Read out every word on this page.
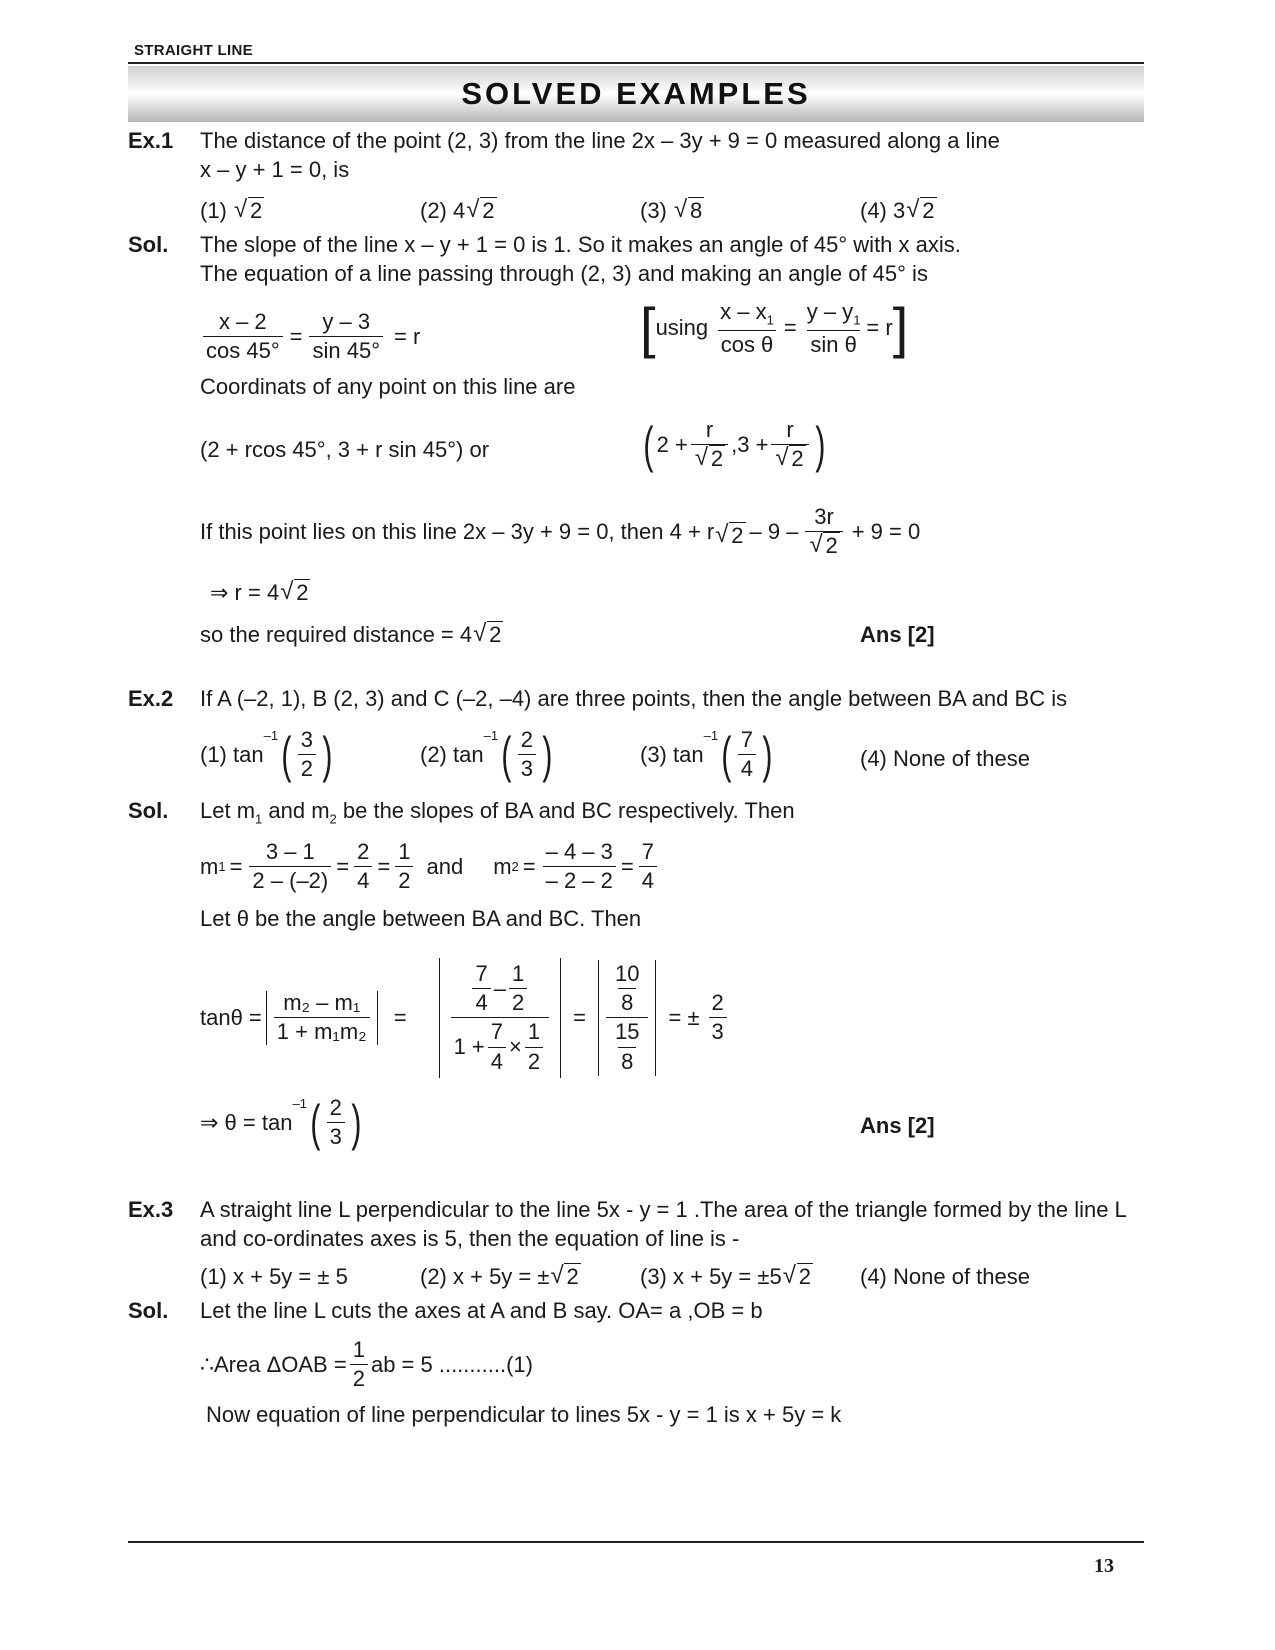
STRAIGHT LINE
SOLVED EXAMPLES
Ex.1 The distance of the point (2, 3) from the line 2x – 3y + 9 = 0 measured along a line
x – y + 1 = 0, is
(1) √ 2	(2) 4 √ 2	(3) √ 8	(4) 3 √ 2
Sol. The slope of the line x – y + 1 = 0 is 1. So it makes an angle of 45° with x axis.
The equation of a line passing through (2, 3) and making an angle of 45° is
$\frac{x - 2}{\cos 45^\circ} = \frac{y - 3}{\sin 45^\circ} = r$	[ using $\frac{x - x_1}{\text{cos θ}} = \frac{y - y_1}{\text{sin θ}} = r$ ]
Coordinats of any point on this line are
(2 + rcos 45°, 3 + r sin 45°) or	( 2 + r
√ 2 ,3 + r
√ 2 )
If this point lies on this line 2x – 3y + 9 = 0, then 4 + r √ 2 – 9 – 3r
√ 2 + 9 = 0
⇒ r = 4 √ 2
so the required distance = 4 √ 2	Ans [2]
Ex.2 If A (–2, 1), B (2, 3) and C (–2, –4) are three points, then the angle between BA and BC is
(1)
tan
–1 ( $\frac{3}{2}$ )	(2)
tan
–1 ( $\frac{2}{3}$ )	(3)
tan
–1 ( $\frac{7}{4}$ )	(4) None of these
Sol. Let $m_1$ and $m_2$ be the slopes of BA and BC respectively. Then
m $1 = \frac{3 - 1}{2 - (-2)} = \frac{2}{4} = \frac{1}{2}$ and m $2 = \frac{- 4 - 3}{- 2 - 2} = \frac{7}{4}$
Let θ be the angle between BA and BC. Then
$\tan\theta = \frac{\text{m₂ – m₁}}{\text{1 + m₁m₂}} = \frac{\frac{7}{4} - \frac{1}{2}}{1 + \frac{7}{4} \times \frac{1}{2}} = \frac{\frac{10}{8}}{\frac{15}{8}}$ = ± $\frac{2}{3}$
⇒ θ =
tan
–1 ( $\frac{2}{3}$ )	Ans [2]
Ex.3 A straight line L perpendicular to the line 5x - y = 1 .The area of the triangle formed by the line L
and co-ordinates axes is 5, then the equation of line is -
(1) x + 5y = ± 5	(2) x + 5y = ± √ 2	(3) x + 5y = ±5 √ 2 (4) None of these
Sol. Let the line L cuts the axes at A and B say. OA= a ,OB = b
∴Area $\Delta OAB = \frac{1}{2}$ ab = 5 ...........(1)
Now equation of line perpendicular to lines 5x - y = 1 is x + 5y = k
13
